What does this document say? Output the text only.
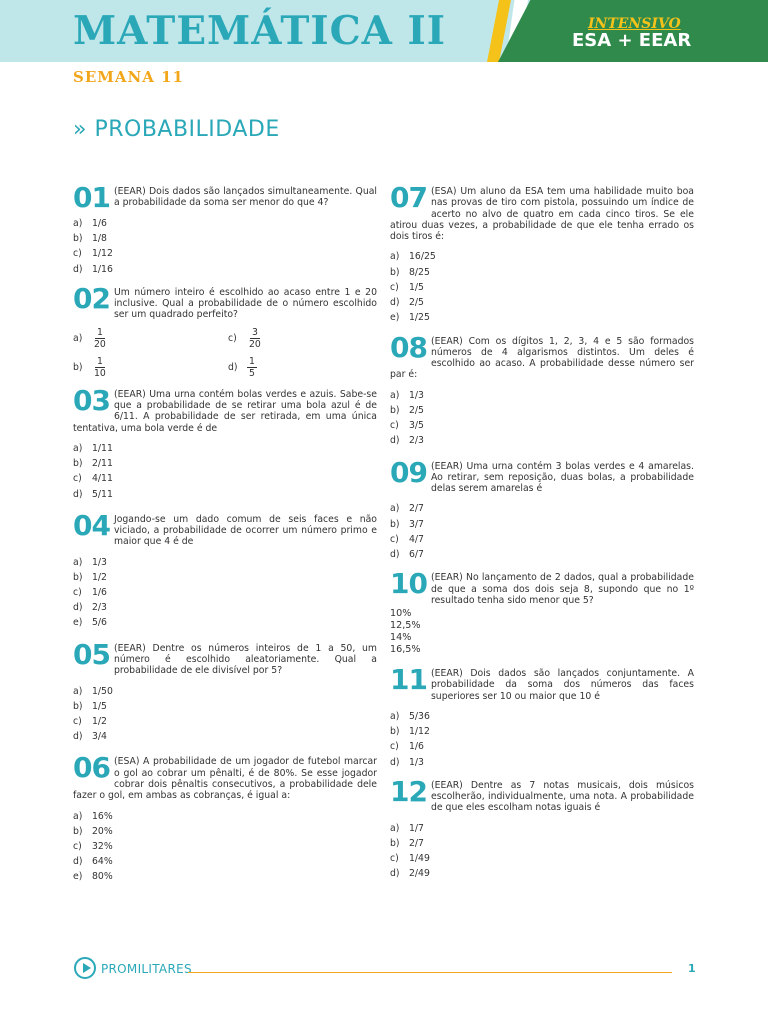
MATEMÁTICA II	INTENSIVO
ESA + EEAR
SEMANA 11
» PROBABILIDADE
01 (EEAR) Dois dados são lançados simultaneamente. Qual a probabilidade da soma ser menor do que 4?
a)	1/6
b)	1/8
c)	1/12
d)	1/16
02 Um número inteiro é escolhido ao acaso entre 1 e 20 inclusive. Qual a probabilidade de o número escolhido ser um quadrado perfeito?
a)	$\frac{1}{20}$	c)	$\frac{3}{20}$
b)	$\frac{1}{10}$	d)	$\frac{1}{5}$
03 (EEAR) Uma urna contém bolas verdes e azuis. Sabe-se que a probabilidade de se retirar uma bola azul é de 6/11. A probabilidade de ser retirada, em uma única tentativa, uma bola verde é de
a)	1/11
b)	2/11
c)	4/11
d)	5/11
04 Jogando-se um dado comum de seis faces e não viciado, a probabilidade de ocorrer um número primo e maior que 4 é de
a)	1/3
b)	1/2
c)	1/6
d)	2/3
e)	5/6
05 (EEAR) Dentre os números inteiros de 1 a 50, um número é escolhido aleatoriamente. Qual a probabilidade de ele divisível por 5?
a)	1/50
b)	1/5
c)	1/2
d)	3/4
06 (ESA) A probabilidade de um jogador de futebol marcar o gol ao cobrar um pênalti, é de 80%. Se esse jogador cobrar dois pênaltis consecutivos, a probabilidade dele fazer o gol, em ambas as cobranças, é igual a:
a)	16%
b)	20%
c)	32%
d)	64%
e)	80%
07 (ESA) Um aluno da ESA tem uma habilidade muito boa nas provas de tiro com pistola, possuindo um índice de acerto no alvo de quatro em cada cinco tiros. Se ele atirou duas vezes, a probabilidade de que ele tenha errado os dois tiros é:
a)	16/25
b)	8/25
c)	1/5
d)	2/5
e)	1/25
08 (EEAR) Com os dígitos 1, 2, 3, 4 e 5 são formados números de 4 algarismos distintos. Um deles é escolhido ao acaso. A probabilidade desse número ser par é:
a)	1/3
b)	2/5
c)	3/5
d)	2/3
09 (EEAR) Uma urna contém 3 bolas verdes e 4 amarelas. Ao retirar, sem reposição, duas bolas, a probabilidade delas serem amarelas é
a)	2/7
b)	3/7
c)	4/7
d)	6/7
10 (EEAR) No lançamento de 2 dados, qual a probabilidade de que a soma dos dois seja 8, supondo que no 1º resultado tenha sido menor que 5?
10%
12,5%
14%
16,5%
11 (EEAR) Dois dados são lançados conjuntamente. A probabilidade da soma dos números das faces superiores ser 10 ou maior que 10 é
a)	5/36
b)	1/12
c)	1/6
d)	1/3
12 (EEAR) Dentre as 7 notas musicais, dois músicos escolherão, individualmente, uma nota. A probabilidade de que eles escolham notas iguais é
a)	1/7
b)	2/7
c)	1/49
d)	2/49
PROMILITARES	1
